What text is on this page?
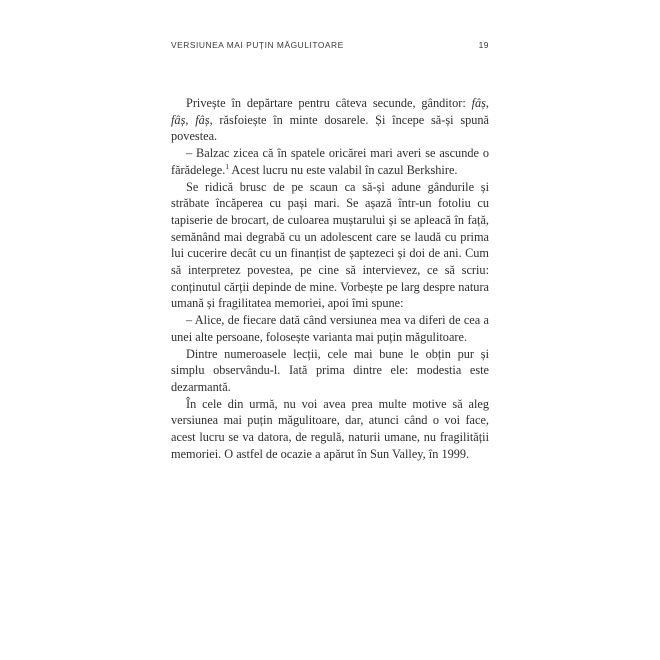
VERSIUNEA MAI PUȚIN MĂGULITOARE	19

Privește în depărtare pentru câteva secunde, gânditor: fâș, fâș, fâș, răsfoiește în minte dosarele. Și începe să-și spună povestea.

– Balzac zicea că în spatele oricărei mari averi se ascunde o fărădelege.$^1$ Acest lucru nu este valabil în cazul Berkshire.

Se ridică brusc de pe scaun ca să-și adune gândurile și străbate încăperea cu pași mari. Se așază într-un fotoliu cu tapiserie de brocart, de culoarea muștarului și se apleacă în față, semănând mai degrabă cu un adolescent care se laudă cu prima lui cucerire decât cu un finanțist de șaptezeci și doi de ani. Cum să interpretez povestea, pe cine să intervievez, ce să scriu: conținutul cărții depinde de mine. Vorbește pe larg despre natura umană și fragilitatea memoriei, apoi îmi spune:

– Alice, de fiecare dată când versiunea mea va diferi de cea a unei alte persoane, folosește varianta mai puțin măgulitoare.

Dintre numeroasele lecții, cele mai bune le obțin pur și simplu observându-l. Iată prima dintre ele: modestia este dezarmantă.

În cele din urmă, nu voi avea prea multe motive să aleg versiunea mai puțin măgulitoare, dar, atunci când o voi face, acest lucru se va datora, de regulă, naturii umane, nu fragilității memoriei. O astfel de ocazie a apărut în Sun Valley, în 1999.
